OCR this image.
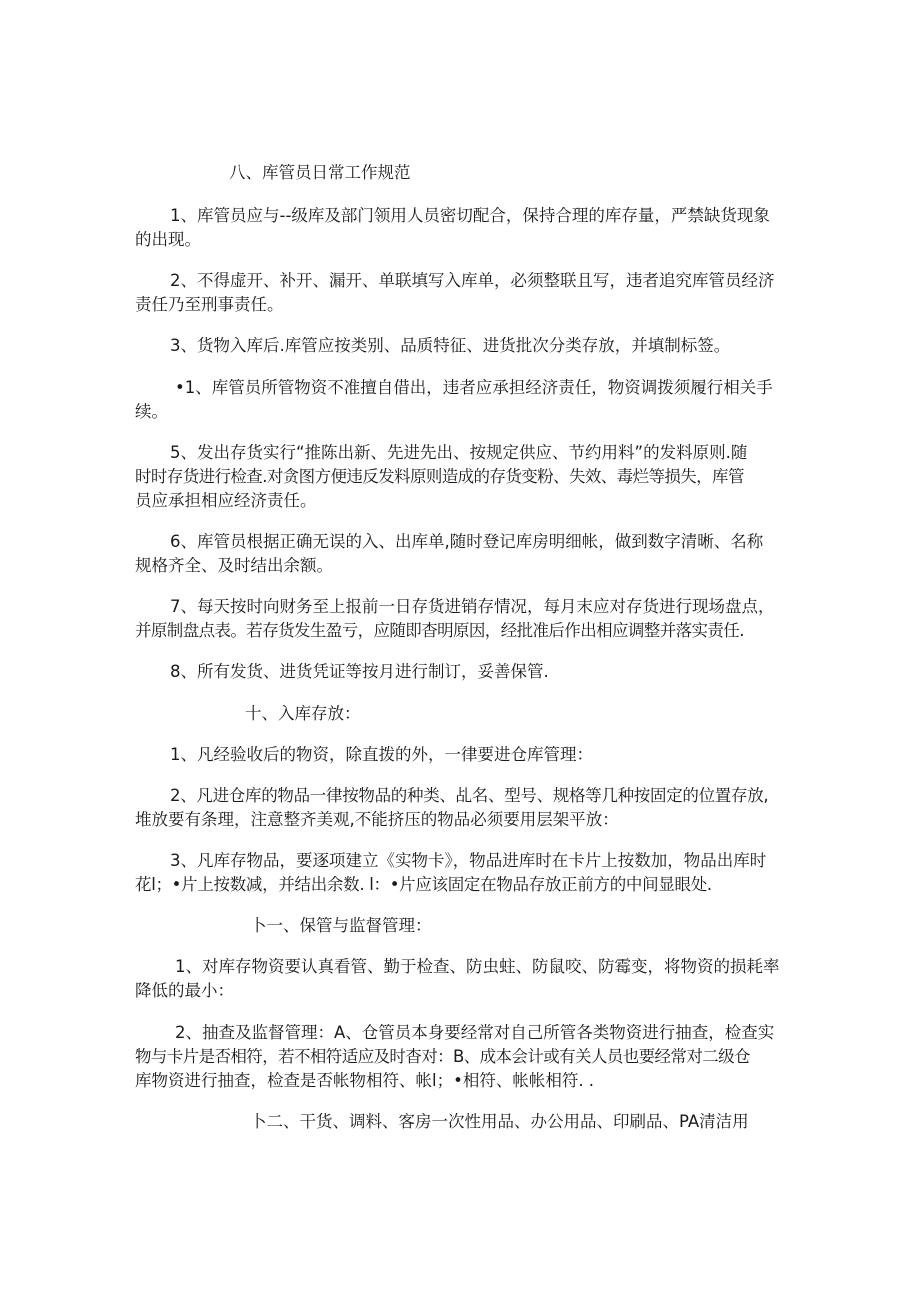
八、库管员日常工作规范

1、库管员应与--级库及部门领用人员密切配合，保持合理的库存量，严禁缺货现象

的出现。

2、不得虚开、补开、漏开、单联填写入库单，必须整联且写，违者追究库管员经济

责任乃至刑事责任。

3、货物入库后.库管应按类别、品质特征、进货批次分类存放，并填制标签。

•1、库管员所管物资不准擅自借出，违者应承担经济责任，物资调拨须履行相关手

续。

5、发出存货实行“推陈出新、先进先出、按规定供应、节约用料”的发料原则.随

时时存货进行检查.对贪图方便违反发料原则造成的存货变粉、失效、毒烂等损失，库管

员应承担相应经济责任。

6、库管员根据正确无误的入、出库单,随时登记库房明细帐，做到数字清晰、名称

规格齐全、及时结出余额。

7、每天按时向财务至上报前一日存货进销存情况，每月末应对存货进行现场盘点，

并原制盘点表。若存货发生盈亏，应随即杳明原因，经批准后作出相应调整并落实责任.

8、所有发货、进货凭证等按月进行制订，妥善保管.

十、入库存放：

1、凡经验收后的物资，除直拨的外，一律要进仓库管理：

2、凡进仓库的物品一律按物品的种类、乩名、型号、规格等几种按固定的位置存放,

堆放要有条理，注意整齐美观,不能挤压的物品必须要用层架平放：

3、凡库存物品，要逐项建立《实物卡》，物品进库时在卡片上按数加，物品出库时

花l；•片上按数减，并结出余数. l：•片应该固定在物品存放正前方的中间显眼处.

卜一、保管与监督管理：

1、对库存物资要认真看管、勤于检查、防虫蛀、防鼠咬、防霉变，将物资的损耗率

降低的最小：

2、抽查及监督管理：A、仓管员本身要经常对自己所管各类物资进行抽查，检查实

物与卡片是否相符，若不相符适应及时杳对：B、成本会计或有关人员也要经常对二级仓

库物资进行抽查，检查是否帐物相符、帐l；•相符、帐帐相符. .

卜二、干货、调料、客房一次性用品、办公用品、印刷品、PA清洁用
